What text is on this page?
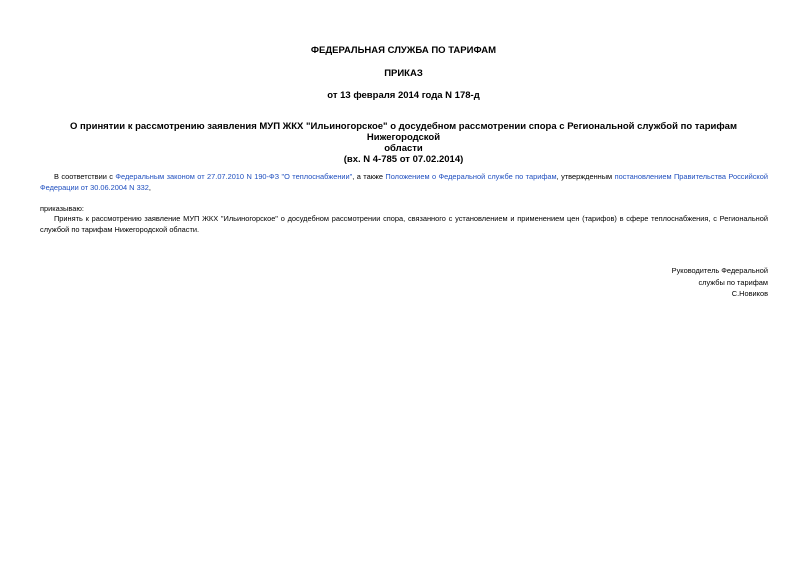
ФЕДЕРАЛЬНАЯ СЛУЖБА ПО ТАРИФАМ
ПРИКАЗ
от 13 февраля 2014 года N 178-д
О принятии к рассмотрению заявления МУП ЖКХ "Ильиногорское" о досудебном рассмотрении спора с Региональной службой по тарифам Нижегородской
области
(вх. N 4-785 от 07.02.2014)
В соответствии с Федеральным законом от 27.07.2010 N 190-ФЗ "О теплоснабжении", а также Положением о Федеральной службе по тарифам, утвержденным постановлением Правительства Российской Федерации от 30.06.2004 N 332,
приказываю:
Принять к рассмотрению заявление МУП ЖКХ "Ильиногорское" о досудебном рассмотрении спора, связанного с установлением и применением цен (тарифов) в сфере теплоснабжения, с Региональной службой по тарифам Нижегородской области.
Руководитель Федеральной
службы по тарифам
С.Новиков
